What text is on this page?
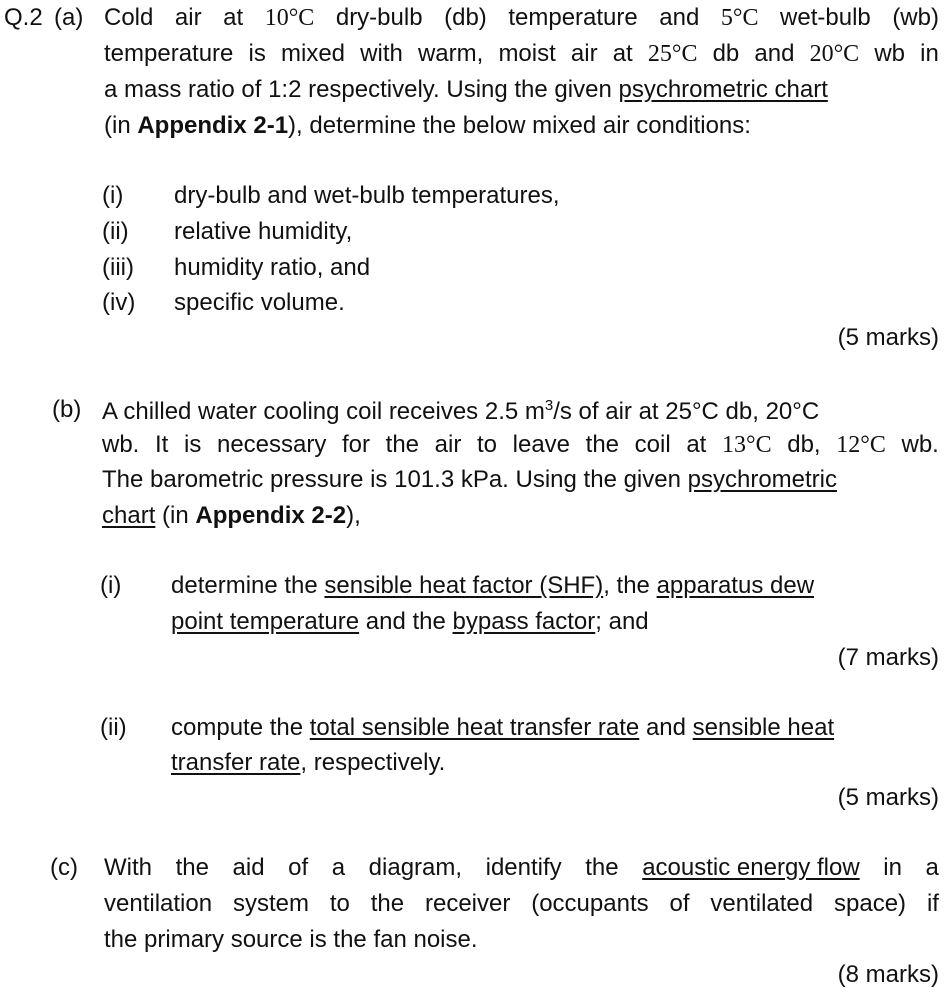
Q.2 (a) Cold air at 10°C dry-bulb (db) temperature and 5°C wet-bulb (wb)
temperature is mixed with warm, moist air at 25°C db and 20°C wb in
a mass ratio of 1:2 respectively. Using the given psychrometric chart
(in Appendix 2-1), determine the below mixed air conditions:
(i) dry-bulb and wet-bulb temperatures,
(ii) relative humidity,
(iii) humidity ratio, and
(iv) specific volume.
(5 marks)
(b) A chilled water cooling coil receives 2.5 $m^3/s$ of air at 25°C db, 20°C
wb. It is necessary for the air to leave the coil at 13°C db, 12°C wb.
The barometric pressure is 101.3 kPa. Using the given psychrometric
chart (in Appendix 2-2),
(i) determine the sensible heat factor (SHF), the apparatus dew
point temperature and the bypass factor; and
(7 marks)
(ii) compute the total sensible heat transfer rate and sensible heat
transfer rate, respectively.
(5 marks)
(c) With the aid of a diagram, identify the acoustic energy flow in a
ventilation system to the receiver (occupants of ventilated space) if
the primary source is the fan noise.
(8 marks)
